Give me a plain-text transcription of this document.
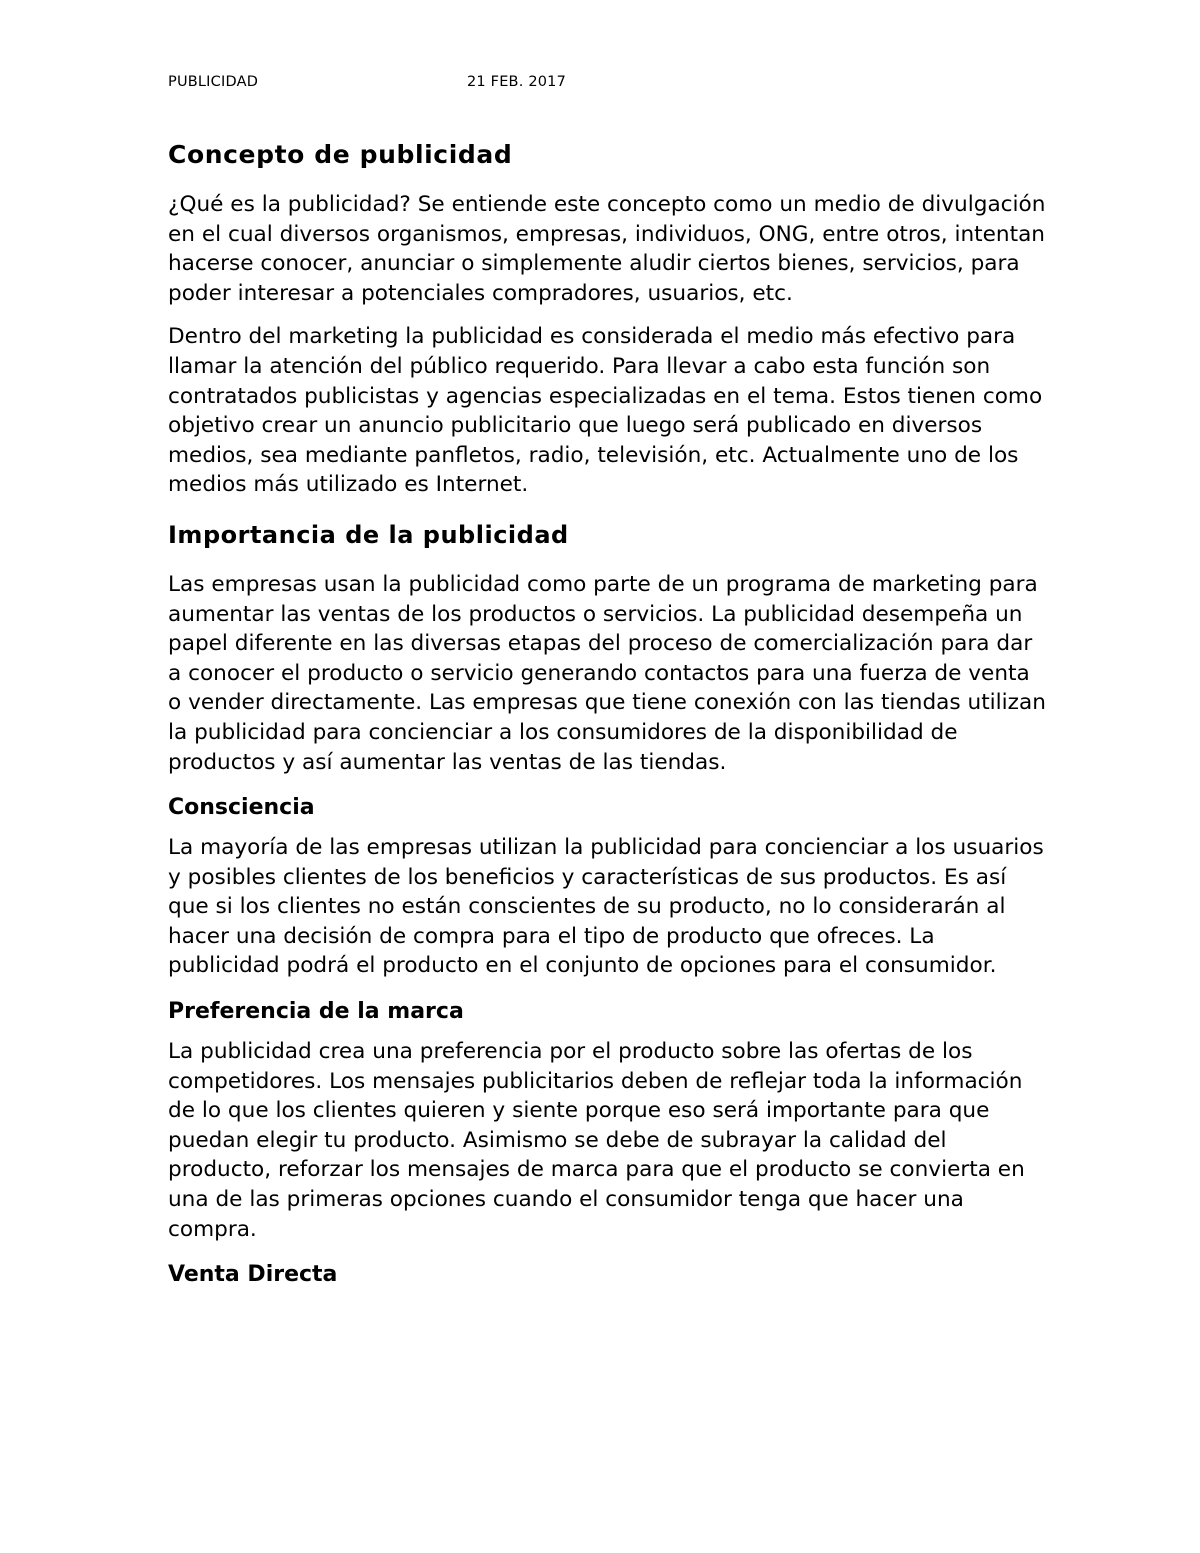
PUBLICIDAD	21 FEB. 2017
Concepto de publicidad

¿Qué es la publicidad? Se entiende este concepto como un medio de divulgación en el cual diversos organismos, empresas, individuos, ONG, entre otros, intentan hacerse conocer, anunciar o simplemente aludir ciertos bienes, servicios, para poder interesar a potenciales compradores, usuarios, etc.

Dentro del marketing la publicidad es considerada el medio más efectivo para llamar la atención del público requerido. Para llevar a cabo esta función son contratados publicistas y agencias especializadas en el tema. Estos tienen como objetivo crear un anuncio publicitario que luego será publicado en diversos medios, sea mediante panfletos, radio, televisión, etc. Actualmente uno de los medios más utilizado es Internet.

Importancia de la publicidad

Las empresas usan la publicidad como parte de un programa de marketing para aumentar las ventas de los productos o servicios. La publicidad desempeña un papel diferente en las diversas etapas del proceso de comercialización para dar a conocer el producto o servicio generando contactos para una fuerza de venta o vender directamente. Las empresas que tiene conexión con las tiendas utilizan la publicidad para concienciar a los consumidores de la disponibilidad de productos y así aumentar las ventas de las tiendas.

Consciencia

La mayoría de las empresas utilizan la publicidad para concienciar a los usuarios y posibles clientes de los beneficios y características de sus productos. Es así que si los clientes no están conscientes de su producto, no lo considerarán al hacer una decisión de compra para el tipo de producto que ofreces. La publicidad podrá el producto en el conjunto de opciones para el consumidor.

Preferencia de la marca

La publicidad crea una preferencia por el producto sobre las ofertas de los competidores. Los mensajes publicitarios deben de reflejar toda la información de lo que los clientes quieren y siente porque eso será importante para que puedan elegir tu producto. Asimismo se debe de subrayar la calidad del producto, reforzar los mensajes de marca para que el producto se convierta en una de las primeras opciones cuando el consumidor tenga que hacer una compra.

Venta Directa
